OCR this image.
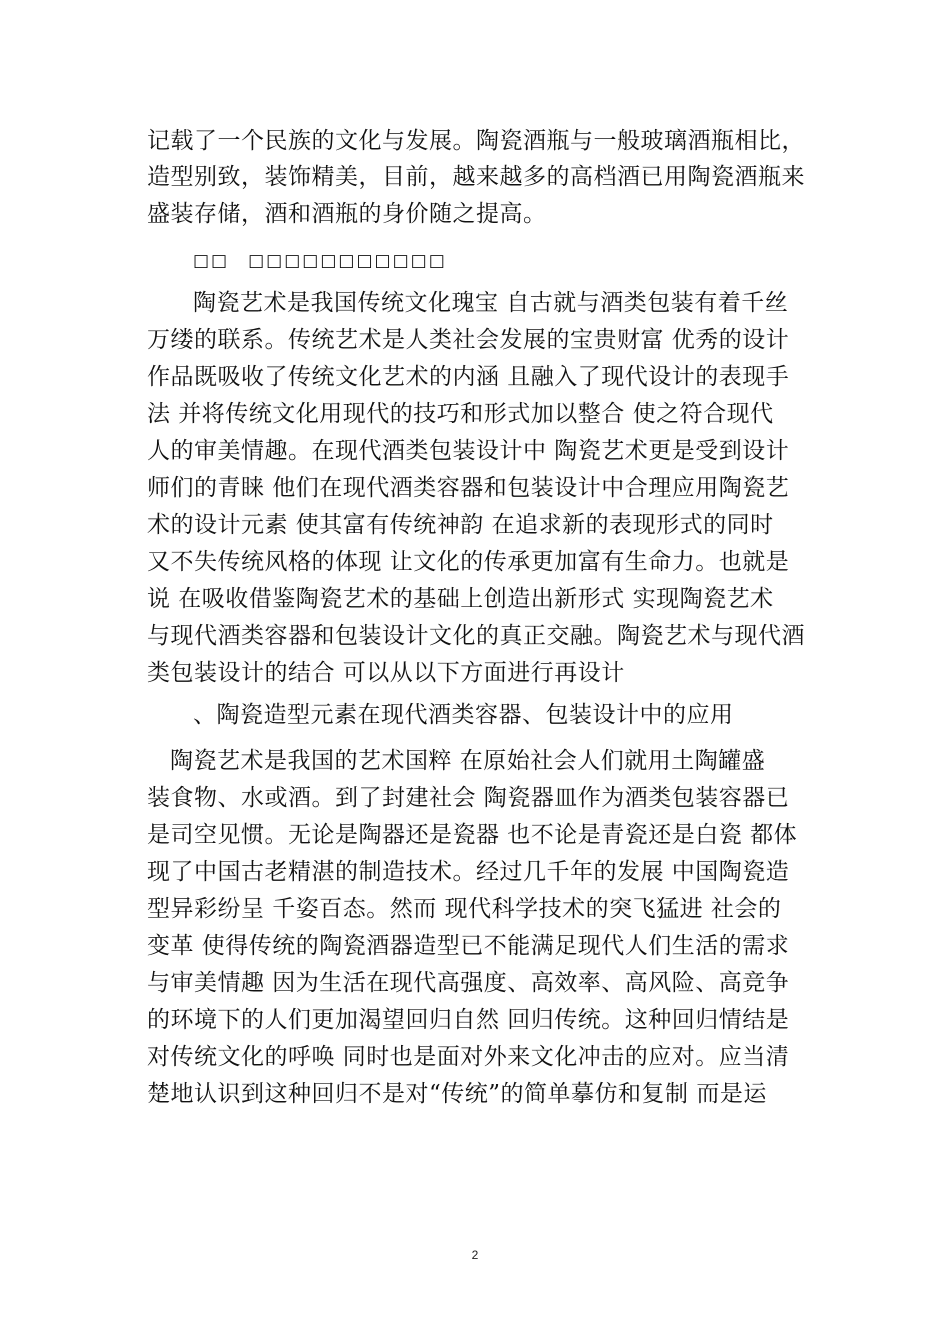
记载了一个民族的文化与发展。陶瓷酒瓶与一般玻璃酒瓶相比，
造型别致，装饰精美，目前，越来越多的高档酒已用陶瓷酒瓶来
盛装存储，酒和酒瓶的身价随之提高。
□□　□□□□□□□□□□□
陶瓷艺术是我国传统文化瑰宝 自古就与酒类包装有着千丝
万缕的联系。传统艺术是人类社会发展的宝贵财富 优秀的设计
作品既吸收了传统文化艺术的内涵 且融入了现代设计的表现手
法 并将传统文化用现代的技巧和形式加以整合 使之符合现代
人的审美情趣。在现代酒类包装设计中 陶瓷艺术更是受到设计
师们的青睐 他们在现代酒类容器和包装设计中合理应用陶瓷艺
术的设计元素 使其富有传统神韵 在追求新的表现形式的同时
又不失传统风格的体现 让文化的传承更加富有生命力。也就是
说 在吸收借鉴陶瓷艺术的基础上创造出新形式 实现陶瓷艺术
与现代酒类容器和包装设计文化的真正交融。陶瓷艺术与现代酒
类包装设计的结合 可以从以下方面进行再设计
、陶瓷造型元素在现代酒类容器、包装设计中的应用
陶瓷艺术是我国的艺术国粹 在原始社会人们就用土陶罐盛
装食物、水或酒。到了封建社会 陶瓷器皿作为酒类包装容器已
是司空见惯。无论是陶器还是瓷器 也不论是青瓷还是白瓷 都体
现了中国古老精湛的制造技术。经过几千年的发展 中国陶瓷造
型异彩纷呈 千姿百态。然而 现代科学技术的突飞猛进 社会的
变革 使得传统的陶瓷酒器造型已不能满足现代人们生活的需求
与审美情趣 因为生活在现代高强度、高效率、高风险、高竞争
的环境下的人们更加渴望回归自然 回归传统。这种回归情结是
对传统文化的呼唤 同时也是面对外来文化冲击的应对。应当清
楚地认识到这种回归不是对“传统”的简单摹仿和复制 而是运
2
